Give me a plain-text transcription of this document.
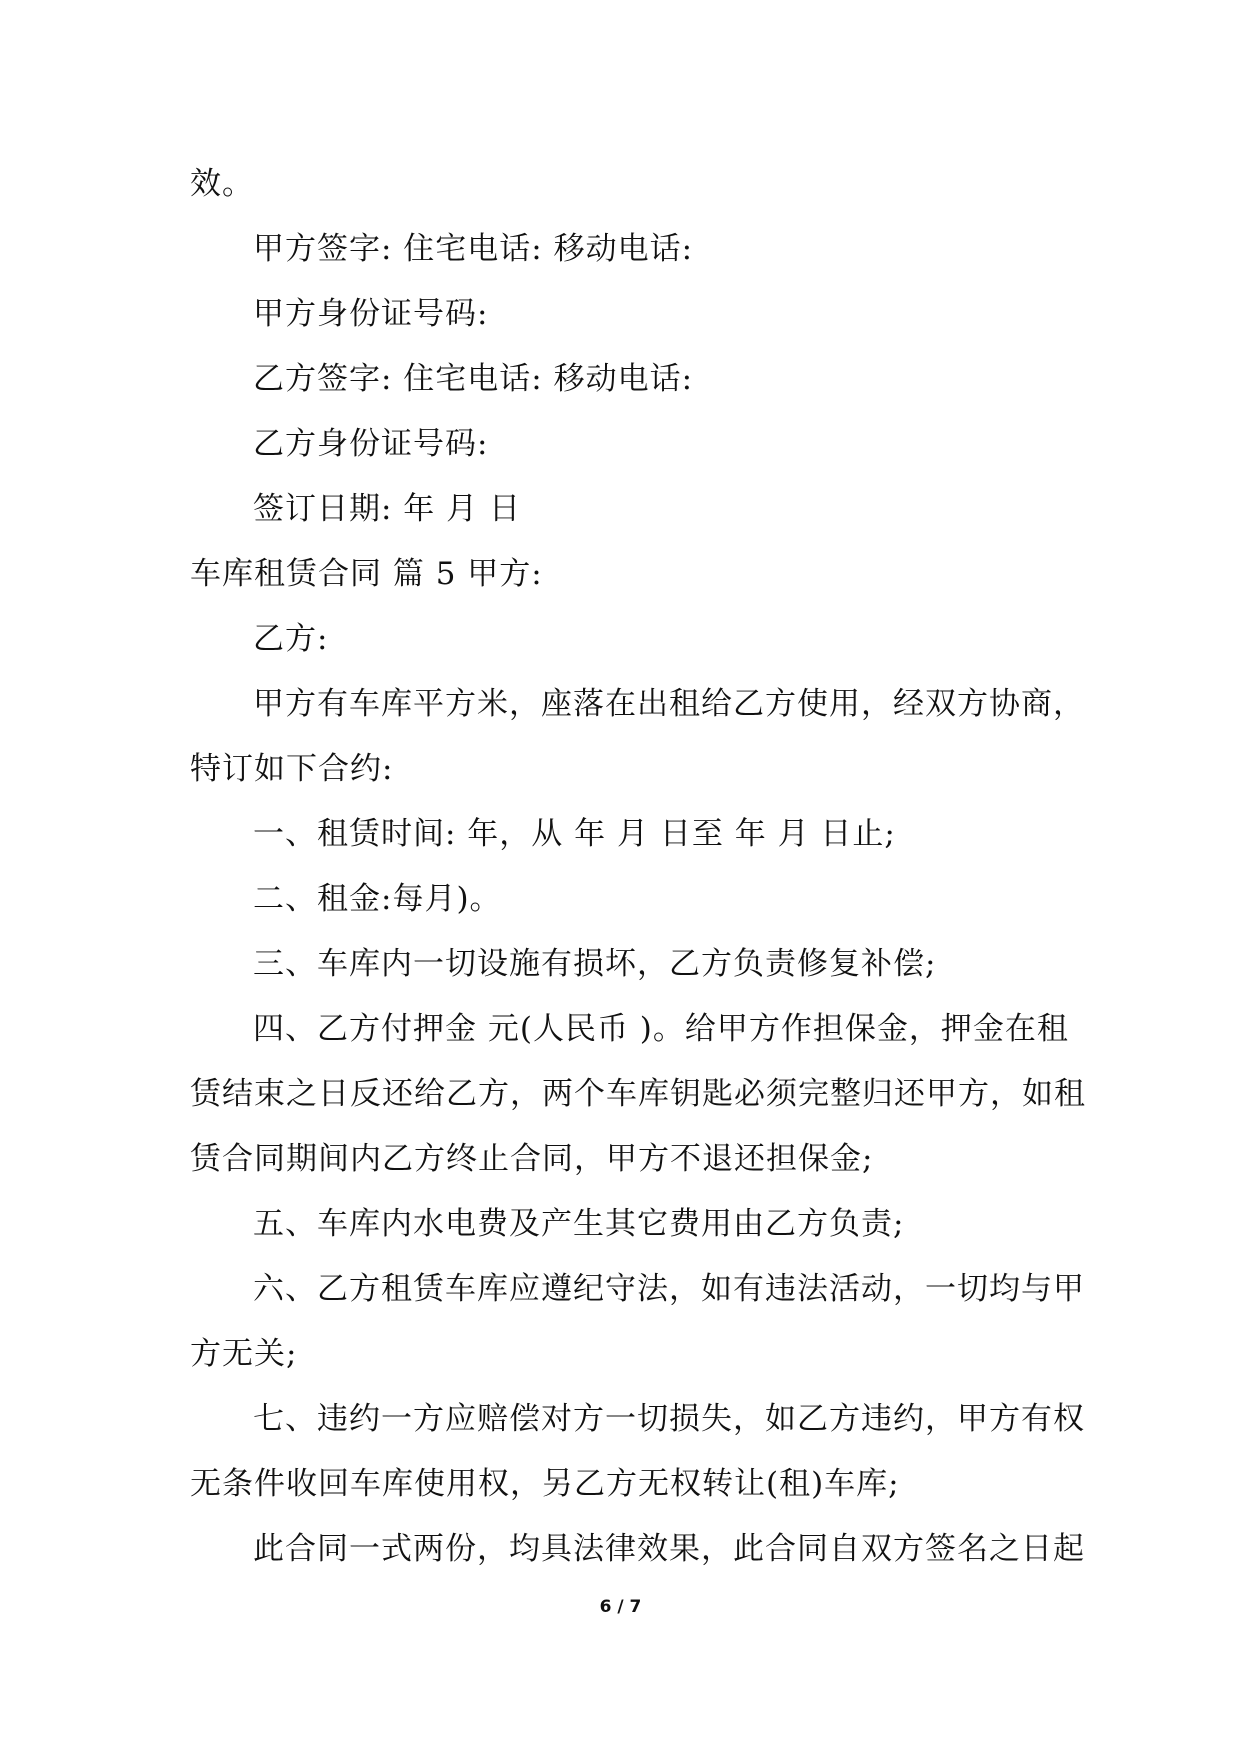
效。
甲方签字: 住宅电话: 移动电话:
甲方身份证号码:
乙方签字: 住宅电话: 移动电话:
乙方身份证号码:
签订日期: 年 月 日
车库租赁合同 篇 5 甲方:
乙方:
甲方有车库平方米，座落在出租给乙方使用，经双方协商，
特订如下合约:
一、租赁时间: 年，从 年 月 日至 年 月 日止;
二、租金:每月)。
三、车库内一切设施有损坏，乙方负责修复补偿;
四、乙方付押金 元(人民币 )。给甲方作担保金，押金在租
赁结束之日反还给乙方，两个车库钥匙必须完整归还甲方，如租
赁合同期间内乙方终止合同，甲方不退还担保金;
五、车库内水电费及产生其它费用由乙方负责;
六、乙方租赁车库应遵纪守法，如有违法活动，一切均与甲
方无关;
七、违约一方应赔偿对方一切损失，如乙方违约，甲方有权
无条件收回车库使用权，另乙方无权转让(租)车库;
此合同一式两份，均具法律效果，此合同自双方签名之日起
6 / 7
